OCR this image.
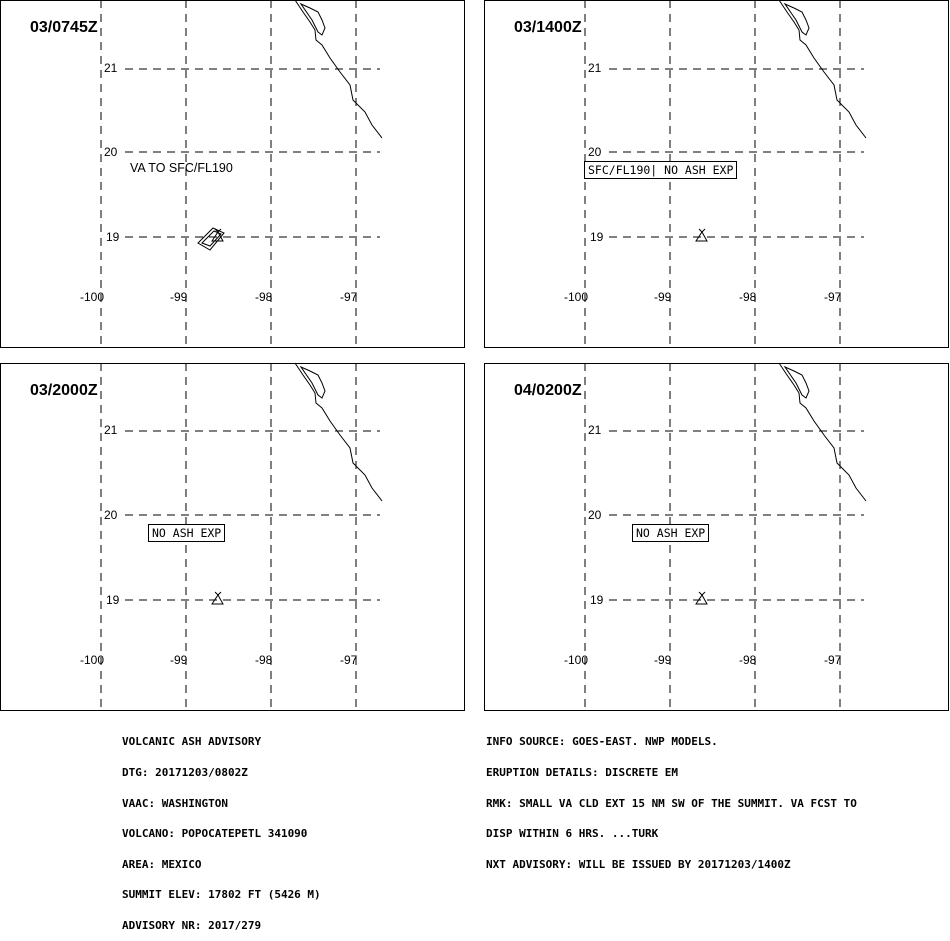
03/0745Z
21
20
19
-100	-99	-98	-97
VA TO SFC/FL190
03/1400Z
21
20
19
-100	-99	-98	-97
SFC/FL190| NO ASH EXP
03/2000Z
21
20
19
-100	-99	-98	-97
NO ASH EXP
04/0200Z
21
20
19
-100	-99	-98	-97
NO ASH EXP

VOLCANIC ASH ADVISORY

DTG: 20171203/0802Z

VAAC: WASHINGTON

VOLCANO: POPOCATEPETL 341090

AREA: MEXICO

SUMMIT ELEV: 17802 FT (5426 M)

ADVISORY NR: 2017/279

INFO SOURCE: GOES-EAST. NWP MODELS.

ERUPTION DETAILS: DISCRETE EM

RMK: SMALL VA CLD EXT 15 NM SW OF THE SUMMIT. VA FCST TO

DISP WITHIN 6 HRS. ...TURK

NXT ADVISORY: WILL BE ISSUED BY 20171203/1400Z
